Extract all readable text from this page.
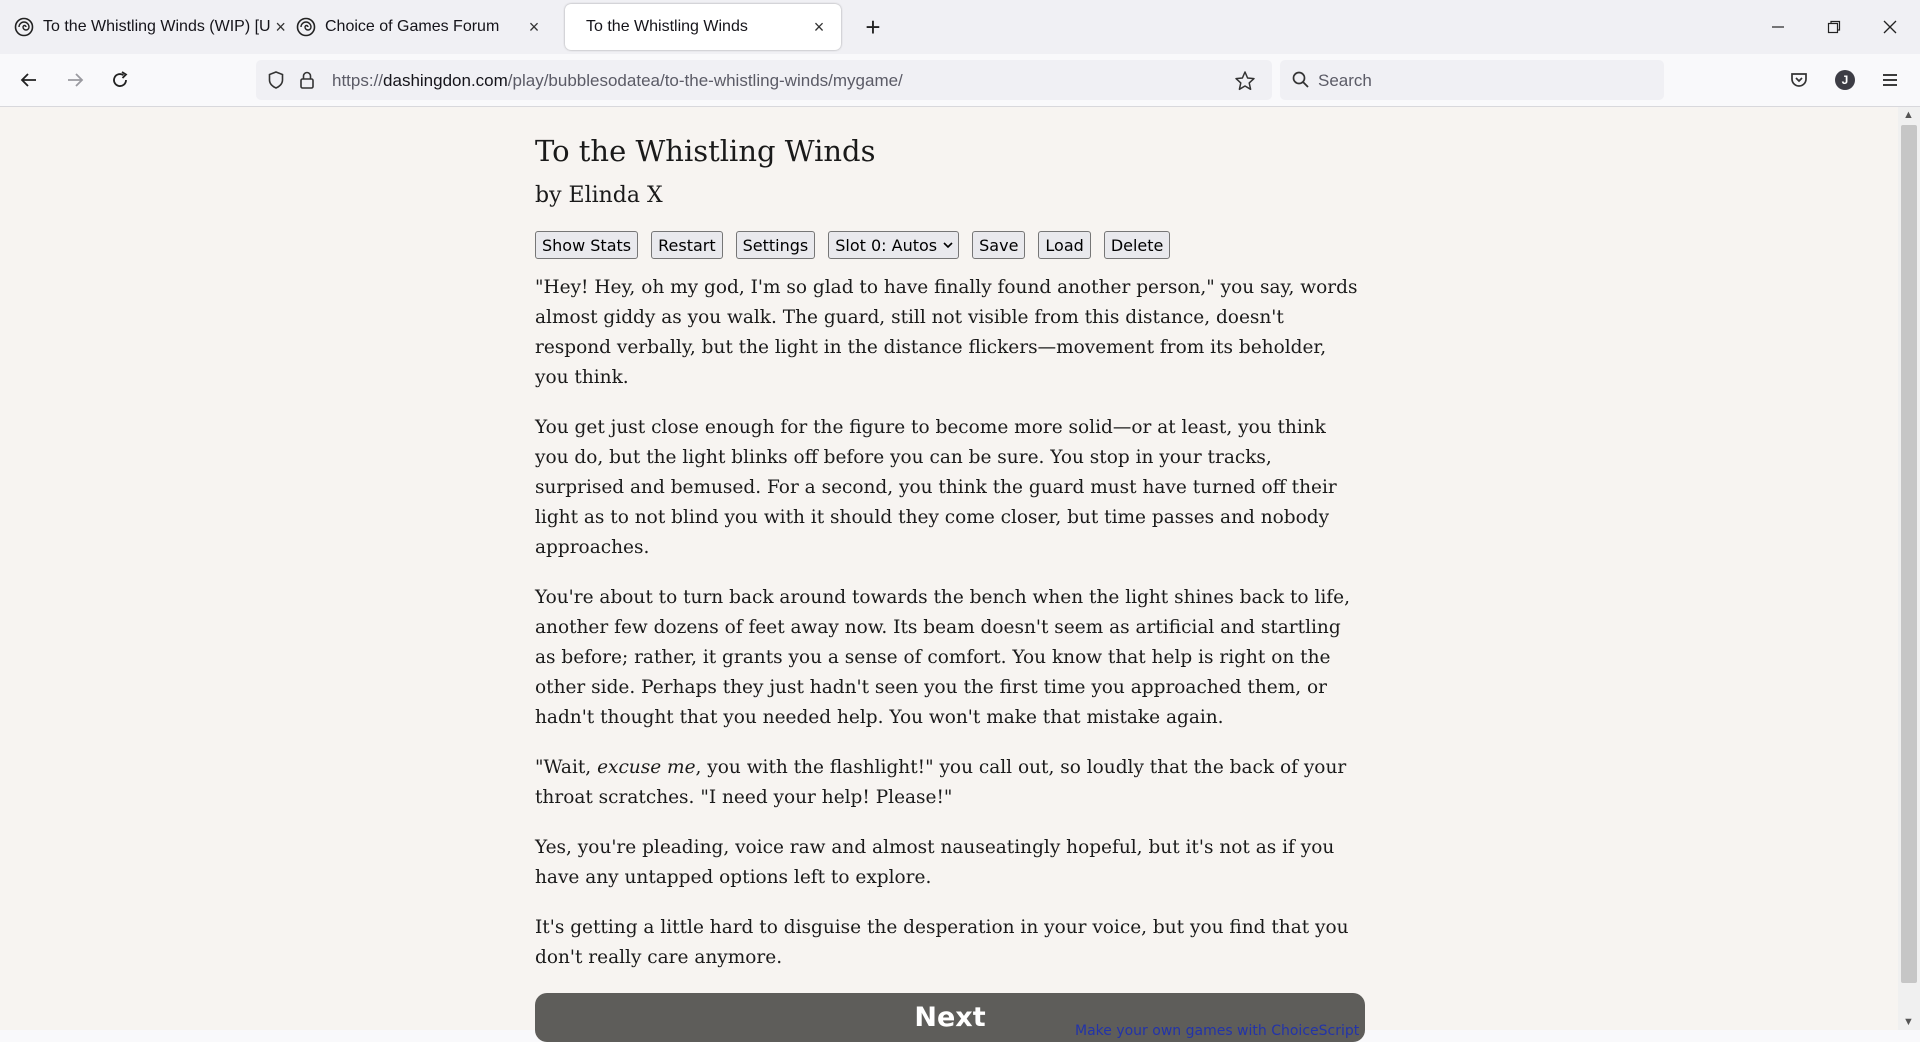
To the Whistling Winds (WIP) [U × Choice of Games Forum	×	To the Whistling Winds	×	+
https://dashingdon.com/play/bubblesodatea/to-the-whistling-winds/mygame/	Search	J
To the Whistling Winds
by Elinda X
Show Stats	Restart	Settings	Slot 0: Autos	Save	Load	Delete

"Hey! Hey, oh my god, I'm so glad to have finally found another person," you say, words almost giddy as you walk. The guard, still not visible from this distance, doesn't respond verbally, but the light in the distance flickers—movement from its beholder, you think.

You get just close enough for the figure to become more solid—or at least, you think you do, but the light blinks off before you can be sure. You stop in your tracks, surprised and bemused. For a second, you think the guard must have turned off their light as to not blind you with it should they come closer, but time passes and nobody approaches.

You're about to turn back around towards the bench when the light shines back to life, another few dozens of feet away now. Its beam doesn't seem as artificial and startling as before; rather, it grants you a sense of comfort. You know that help is right on the other side. Perhaps they just hadn't seen you the first time you approached them, or hadn't thought that you needed help. You won't make that mistake again.

"Wait, excuse me, you with the flashlight!" you call out, so loudly that the back of your throat scratches. "I need your help! Please!"

Yes, you're pleading, voice raw and almost nauseatingly hopeful, but it's not as if you have any untapped options left to explore.

It's getting a little hard to disguise the desperation in your voice, but you find that you don't really care anymore.

Next	Make your own games with ChoiceScript
▲
▼
